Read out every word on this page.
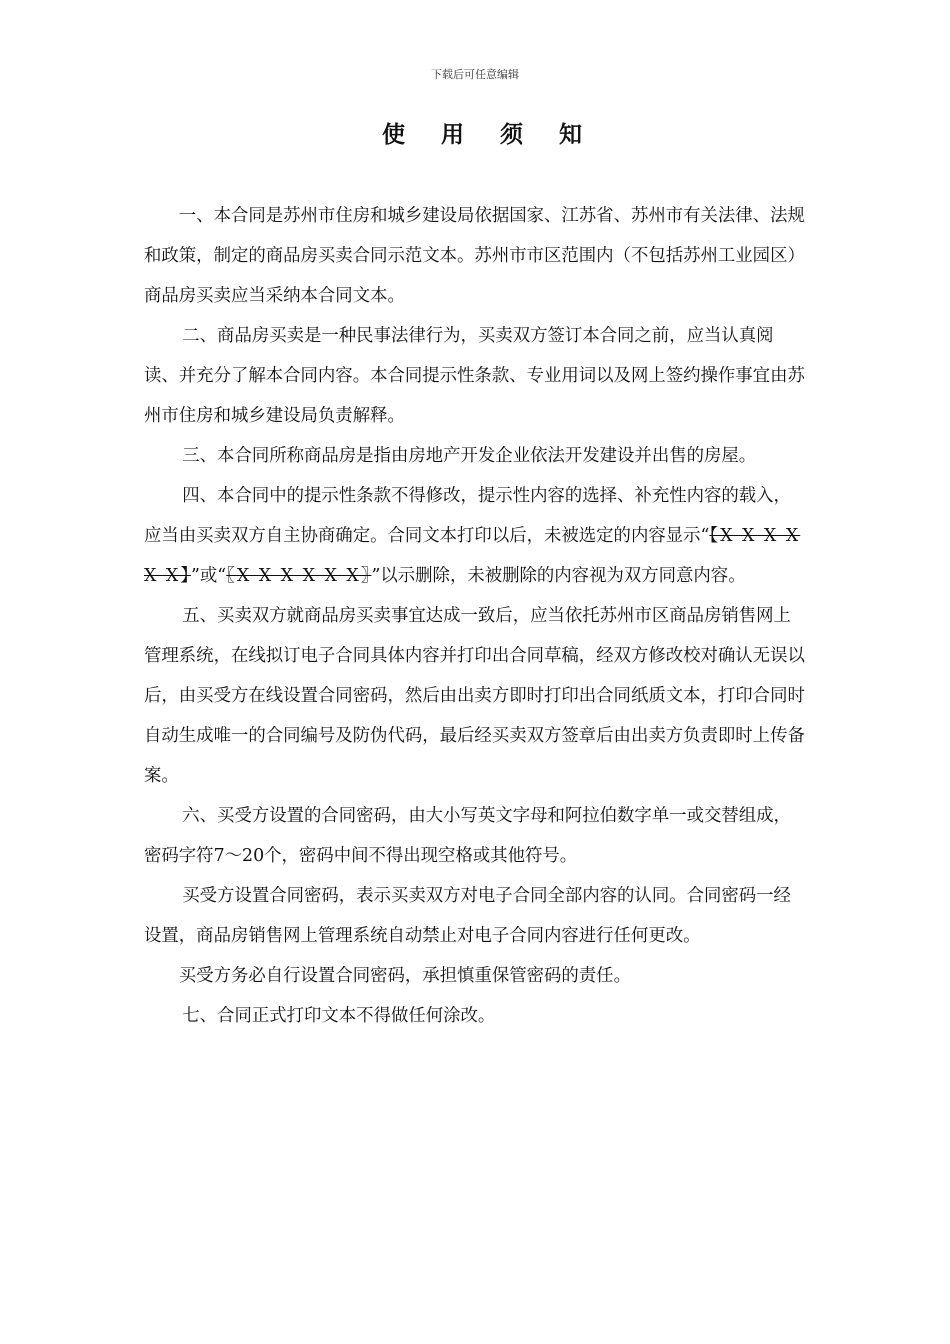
下载后可任意编辑
使 用 须 知

一、本合同是苏州市住房和城乡建设局依据国家、江苏省、苏州市有关法律、法规和政策，制定的商品房买卖合同示范文本。苏州市市区范围内（不包括苏州工业园区）商品房买卖应当采纳本合同文本。

二、商品房买卖是一种民事法律行为，买卖双方签订本合同之前，应当认真阅读、并充分了解本合同内容。本合同提示性条款、专业用词以及网上签约操作事宜由苏州市住房和城乡建设局负责解释。

三、本合同所称商品房是指由房地产开发企业依法开发建设并出售的房屋。

四、本合同中的提示性条款不得修改，提示性内容的选择、补充性内容的载入，应当由买卖双方自主协商确定。合同文本打印以后，未被选定的内容显示“【X X X X X X】”或“〖X X X X X X〗”以示删除，未被删除的内容视为双方同意内容。

五、买卖双方就商品房买卖事宜达成一致后，应当依托苏州市区商品房销售网上管理系统，在线拟订电子合同具体内容并打印出合同草稿，经双方修改校对确认无误以后，由买受方在线设置合同密码，然后由出卖方即时打印出合同纸质文本，打印合同时自动生成唯一的合同编号及防伪代码，最后经买卖双方签章后由出卖方负责即时上传备案。

六、买受方设置的合同密码，由大小写英文字母和阿拉伯数字单一或交替组成，密码字符7～20个，密码中间不得出现空格或其他符号。

买受方设置合同密码，表示买卖双方对电子合同全部内容的认同。合同密码一经设置，商品房销售网上管理系统自动禁止对电子合同内容进行任何更改。

买受方务必自行设置合同密码，承担慎重保管密码的责任。

七、合同正式打印文本不得做任何涂改。
